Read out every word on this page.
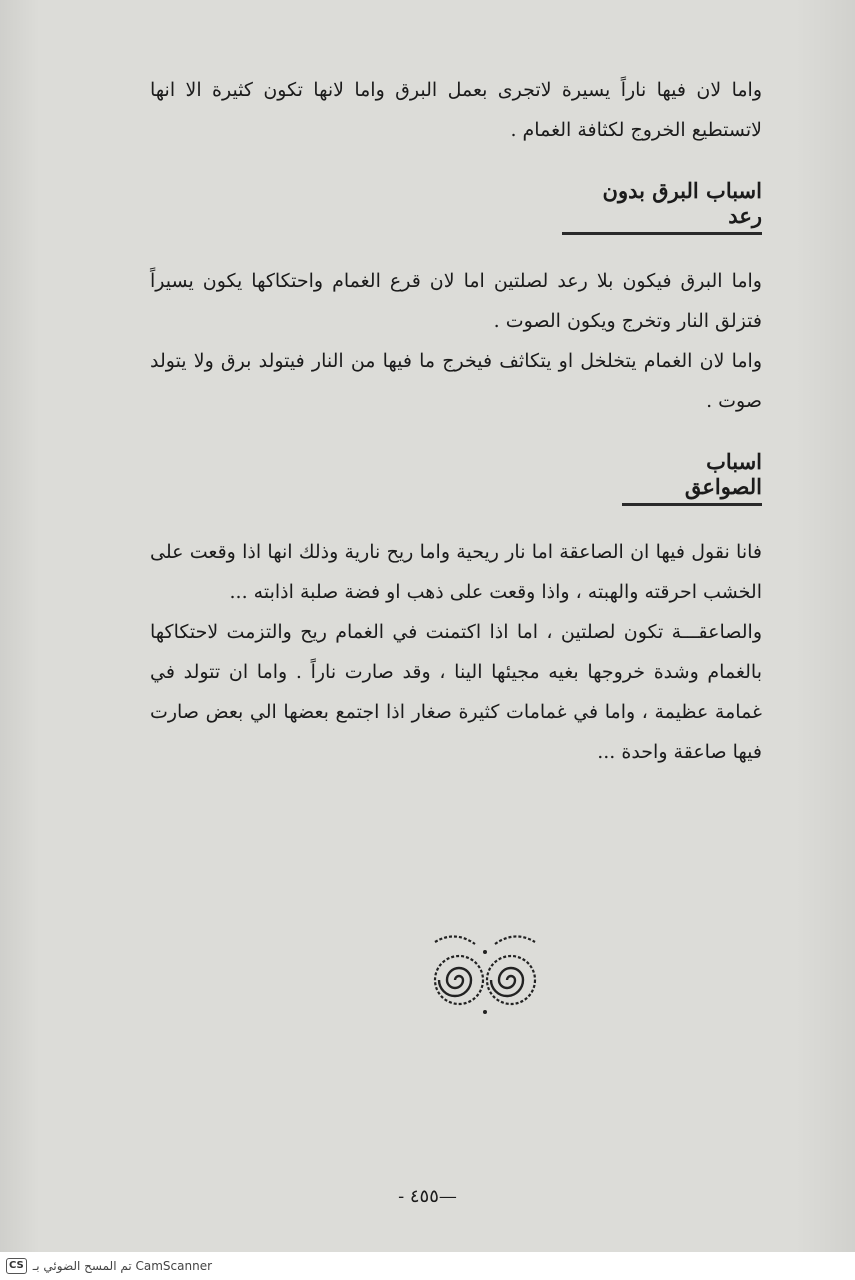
واما لان فيها ناراً يسيرة لاتجرى بعمل البرق واما لانها تكون كثيرة الا انها لاتستطيع الخروج لكثافة الغمام .

اسباب البرق بدون رعد

واما البرق فيكون بلا رعد لصلتين اما لان قرع الغمام واحتكاكها يكون يسيراً فتزلق النار وتخرج ويكون الصوت .

واما لان الغمام يتخلخل او يتكاثف فيخرج ما فيها من النار فيتولد برق ولا يتولد صوت .

اسباب الصواعق

فانا نقول فيها ان الصاعقة اما نار ريحية واما ريح نارية وذلك انها اذا وقعت على الخشب احرقته والهبته ، واذا وقعت على ذهب او فضة صلبة اذابته ...

والصاعقـــة تكون لصلتين ، اما اذا اكتمنت في الغمام ريح والتزمت لاحتكاكها بالغمام وشدة خروجها بغيه مجيئها الينا ، وقد صارت ناراً . واما ان تتولد في غمامة عظيمة ، واما في غمامات كثيرة صغار اذا اجتمع بعضها الي بعض صارت فيها صاعقة واحدة ...

—٤٥٥ -
CS تم المسح الضوئي بـ CamScanner
